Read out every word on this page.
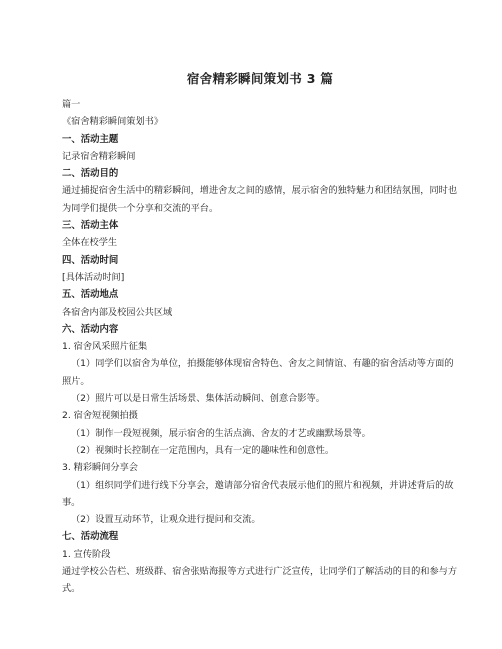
宿舍精彩瞬间策划书 3 篇

篇一

《宿舍精彩瞬间策划书》

一、活动主题

记录宿舍精彩瞬间

二、活动目的

通过捕捉宿舍生活中的精彩瞬间，增进舍友之间的感情，展示宿舍的独特魅力和团结氛围，同时也为同学们提供一个分享和交流的平台。

三、活动主体

全体在校学生

四、活动时间

[具体活动时间]

五、活动地点

各宿舍内部及校园公共区域

六、活动内容

1. 宿舍风采照片征集

（1）同学们以宿舍为单位，拍摄能够体现宿舍特色、舍友之间情谊、有趣的宿舍活动等方面的照片。

（2）照片可以是日常生活场景、集体活动瞬间、创意合影等。

2. 宿舍短视频拍摄

（1）制作一段短视频，展示宿舍的生活点滴、舍友的才艺或幽默场景等。

（2）视频时长控制在一定范围内，具有一定的趣味性和创意性。

3. 精彩瞬间分享会

（1）组织同学们进行线下分享会，邀请部分宿舍代表展示他们的照片和视频，并讲述背后的故事。

（2）设置互动环节，让观众进行提问和交流。

七、活动流程

1. 宣传阶段

通过学校公告栏、班级群、宿舍张贴海报等方式进行广泛宣传，让同学们了解活动的目的和参与方式。
